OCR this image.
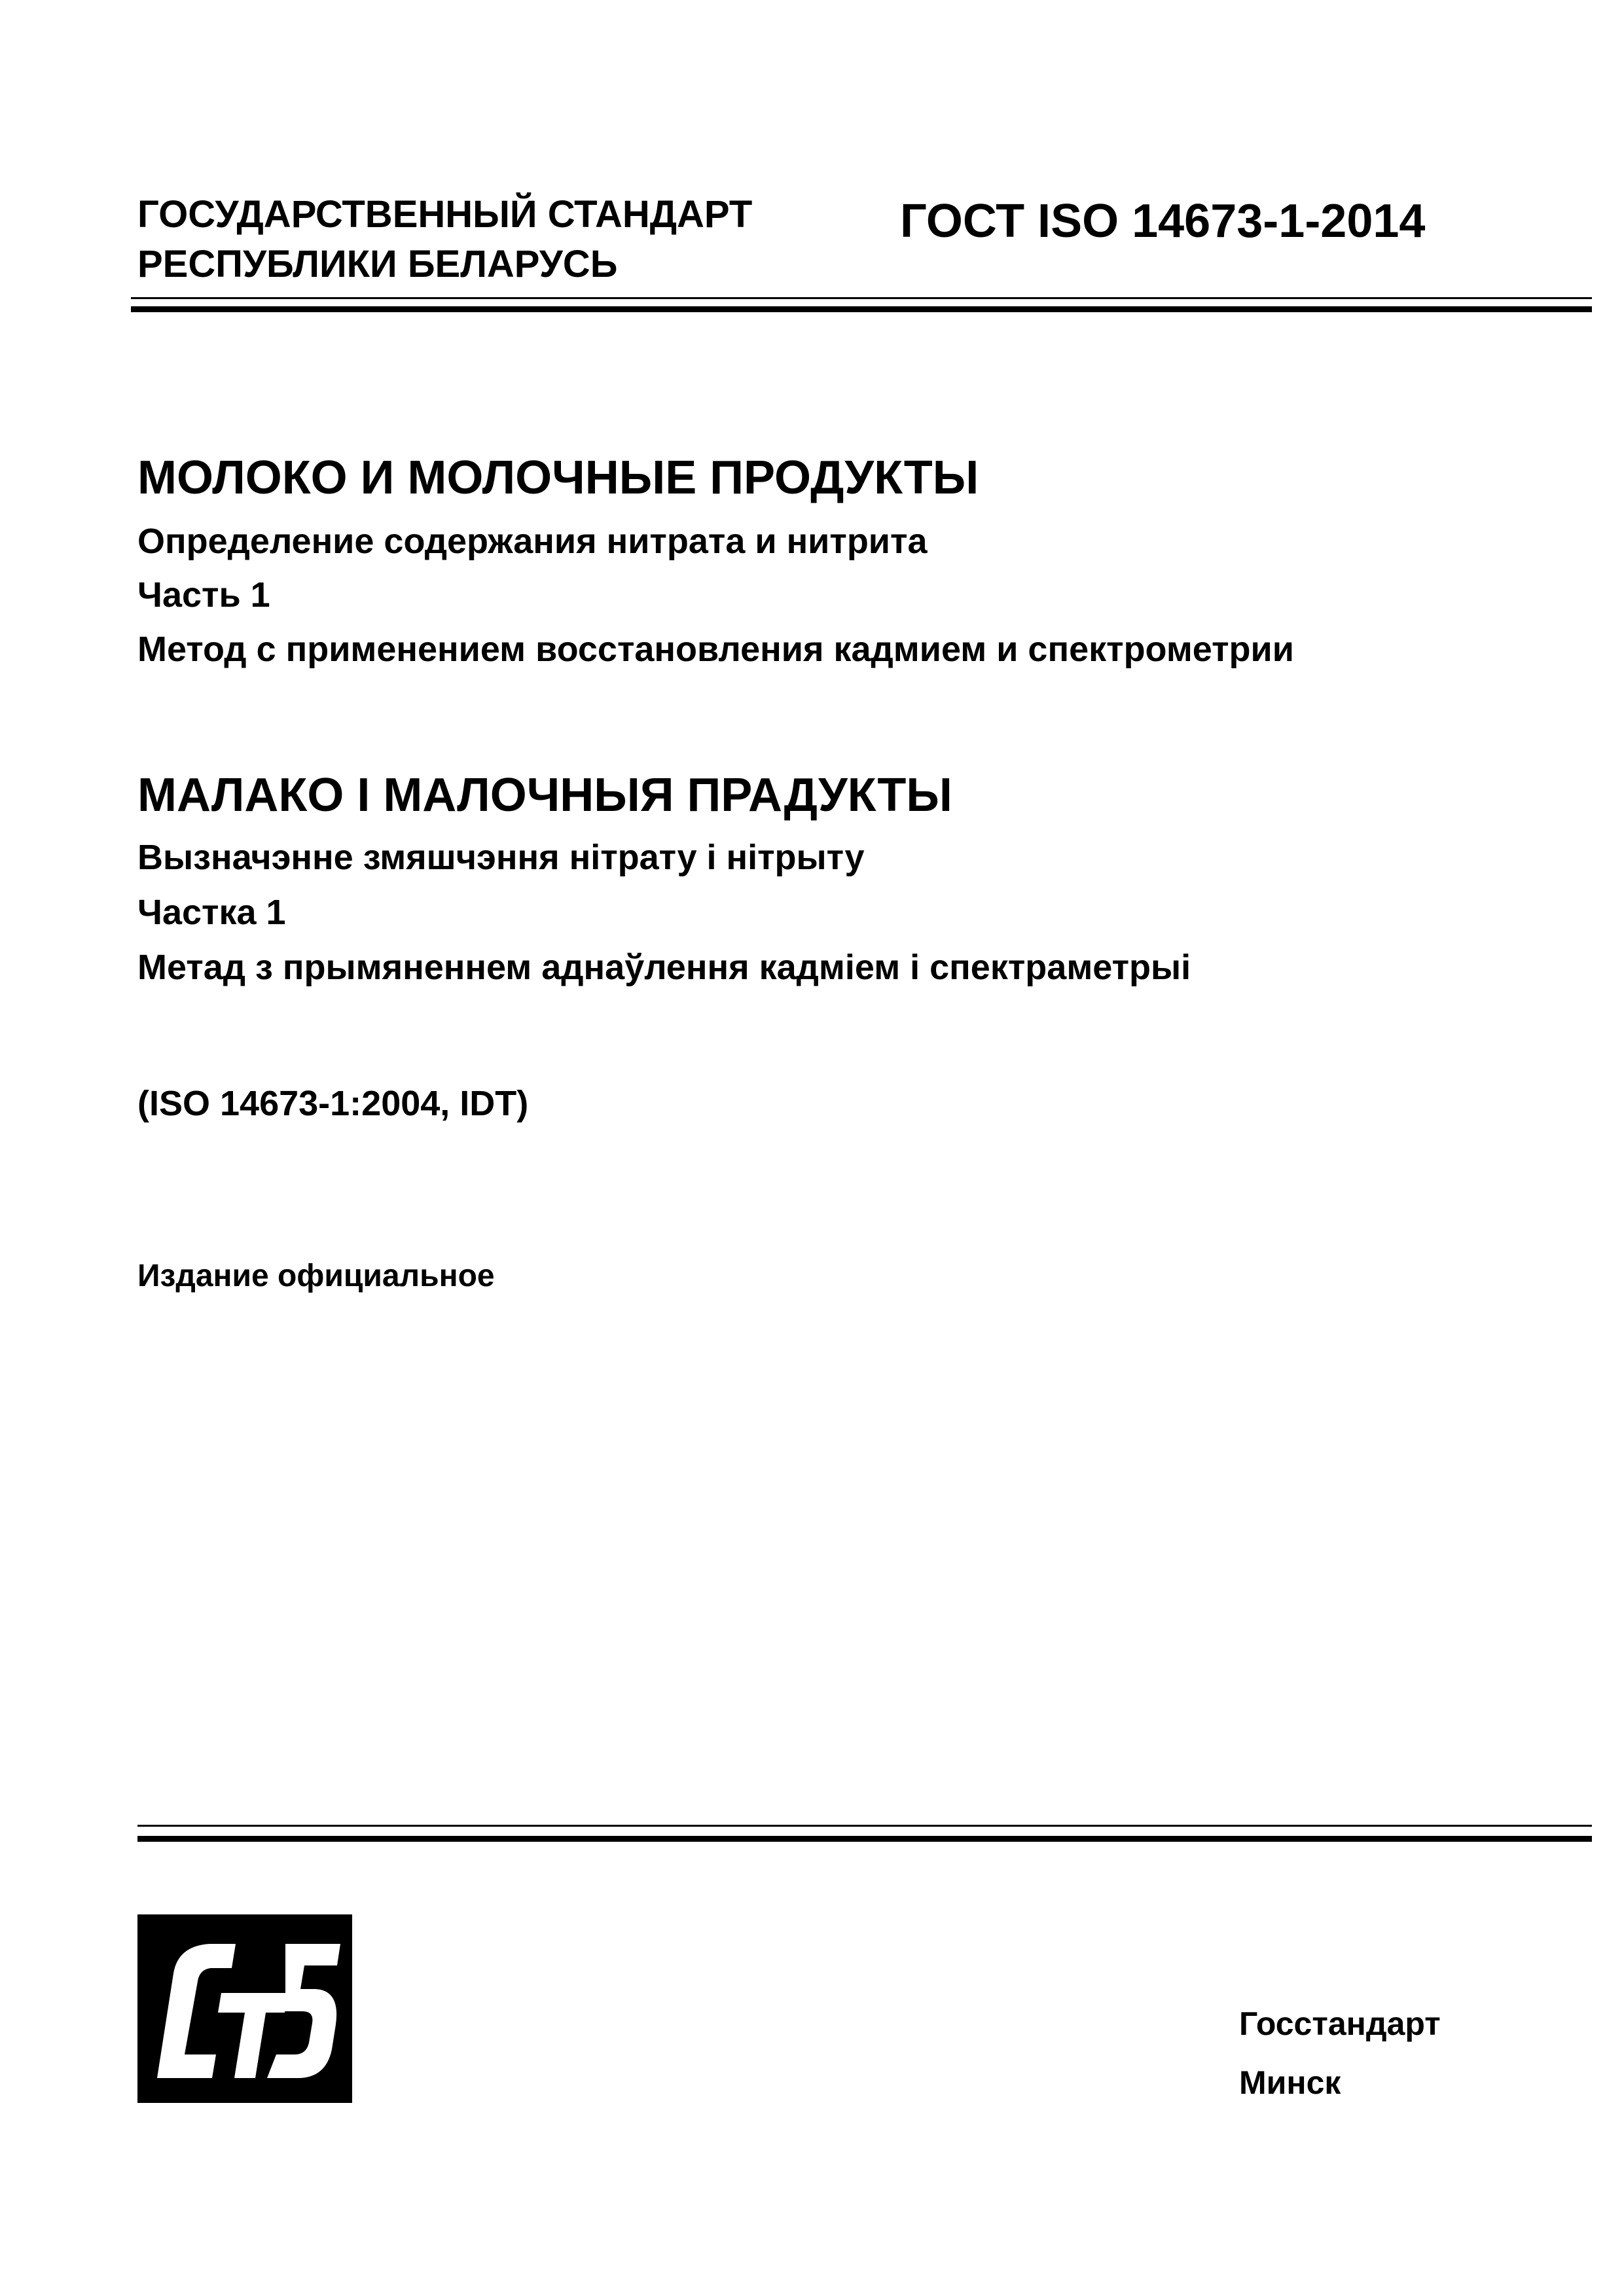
ГОСУДАРСТВЕННЫЙ СТАНДАРТ
РЕСПУБЛИКИ БЕЛАРУСЬ
ГОСТ ISO 14673-1-2014
МОЛОКО И МОЛОЧНЫЕ ПРОДУКТЫ
Определение содержания нитрата и нитрита
Часть 1
Метод с применением восстановления кадмием и спектрометрии
МАЛАКО І МАЛОЧНЫЯ ПРАДУКТЫ
Вызначэнне змяшчэння нітрату і нітрыту
Частка 1
Метад з прымяненнем аднаўлення кадміем і спектраметрыі
(ISO 14673-1:2004, IDT)
Издание официальное
Госстандарт
Минск
